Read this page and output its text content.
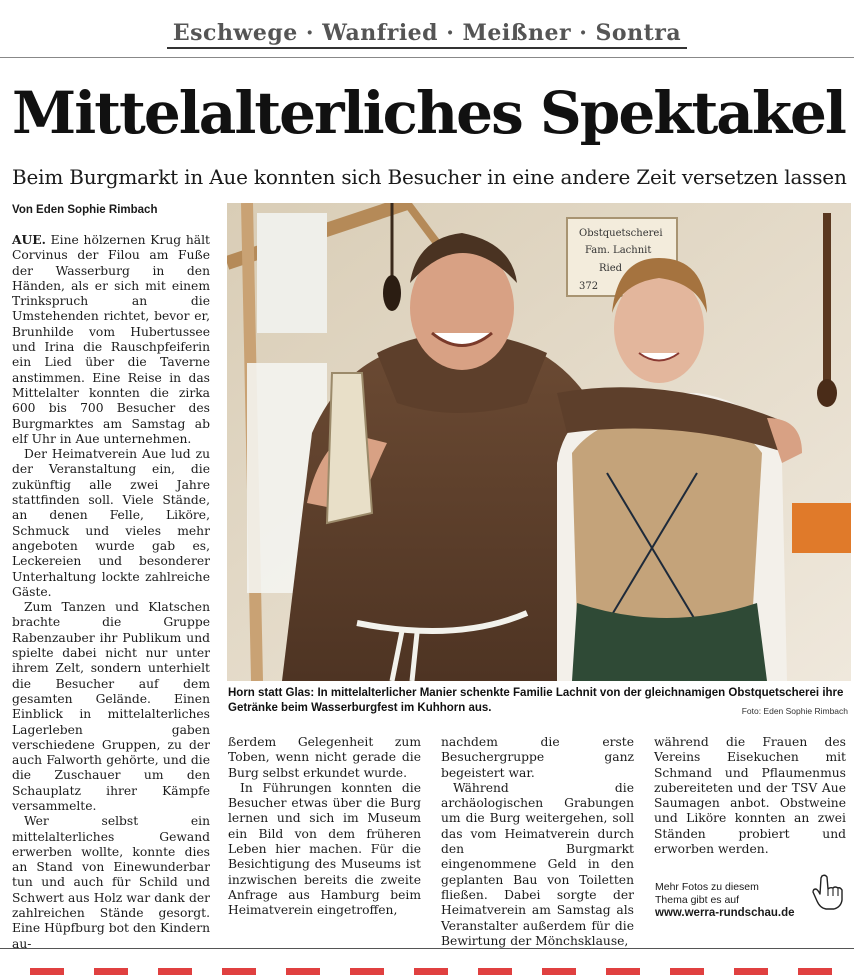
Eschwege · Wanfried · Meißner · Sontra
Mittelalterliches Spektakel
Beim Burgmarkt in Aue konnten sich Besucher in eine andere Zeit versetzen lassen
Von Eden Sophie Rimbach

AUE. Eine hölzernen Krug hält Corvinus der Filou am Fuße der Wasserburg in den Händen, als er sich mit einem Trinkspruch an die Umstehenden richtet, bevor er, Brunhilde vom Hubertussee und Irina die Rauschpfeiferin ein Lied über die Taverne anstimmen. Eine Reise in das Mittelalter konnten die zirka 600 bis 700 Besucher des Burgmarktes am Samstag ab elf Uhr in Aue unternehmen.

Der Heimatverein Aue lud zu der Veranstaltung ein, die zukünftig alle zwei Jahre stattfinden soll. Viele Stände, an denen Felle, Liköre, Schmuck und vieles mehr angeboten wurde gab es, Leckereien und besonderer Unterhaltung lockte zahlreiche Gäste.

Zum Tanzen und Klatschen brachte die Gruppe Rabenzauber ihr Publikum und spielte dabei nicht nur unter ihrem Zelt, sondern unterhielt die Besucher auf dem gesamten Gelände. Einen Einblick in mittelalterliches Lagerleben gaben verschiedene Gruppen, zu der auch Falworth gehörte, und die die Zuschauer um den Schauplatz ihrer Kämpfe versammelte.

Wer selbst ein mittelalterliches Gewand erwerben wollte, konnte dies an Stand von Einewunderbar tun und auch für Schild und Schwert aus Holz war dank der zahlreichen Stände gesorgt. Eine Hüpfburg bot den Kindern au-

Obstquetscherei
Fam. Lachnit
Ried
372
Horn statt Glas: In mittelalterlicher Manier schenkte Familie Lachnit von der gleichnamigen Obstquetscherei ihre Getränke beim Wasserburgfest im Kuhhorn aus.	Foto: Eden Sophie Rimbach

ßerdem Gelegenheit zum Toben, wenn nicht gerade die Burg selbst erkundet wurde.

In Führungen konnten die Besucher etwas über die Burg lernen und sich im Museum ein Bild von dem früheren Leben hier machen. Für die Besichtigung des Museums ist inzwischen bereits die zweite Anfrage aus Hamburg beim Heimatverein eingetroffen,

nachdem die erste Besuchergruppe ganz begeistert war.

Während die archäologischen Grabungen um die Burg weitergehen, soll das vom Heimatverein durch den Burgmarkt eingenommene Geld in den geplanten Bau von Toiletten fließen. Dabei sorgte der Heimatverein am Samstag als Veranstalter außerdem für die Bewirtung der Mönchsklause,

während die Frauen des Vereins Eisekuchen mit Schmand und Pflaumenmus zubereiteten und der TSV Aue Saumagen anbot. Obstweine und Liköre konnten an zwei Ständen probiert und erworben werden.

Mehr Fotos zu diesem
Thema gibt es auf
www.werra-rundschau.de
